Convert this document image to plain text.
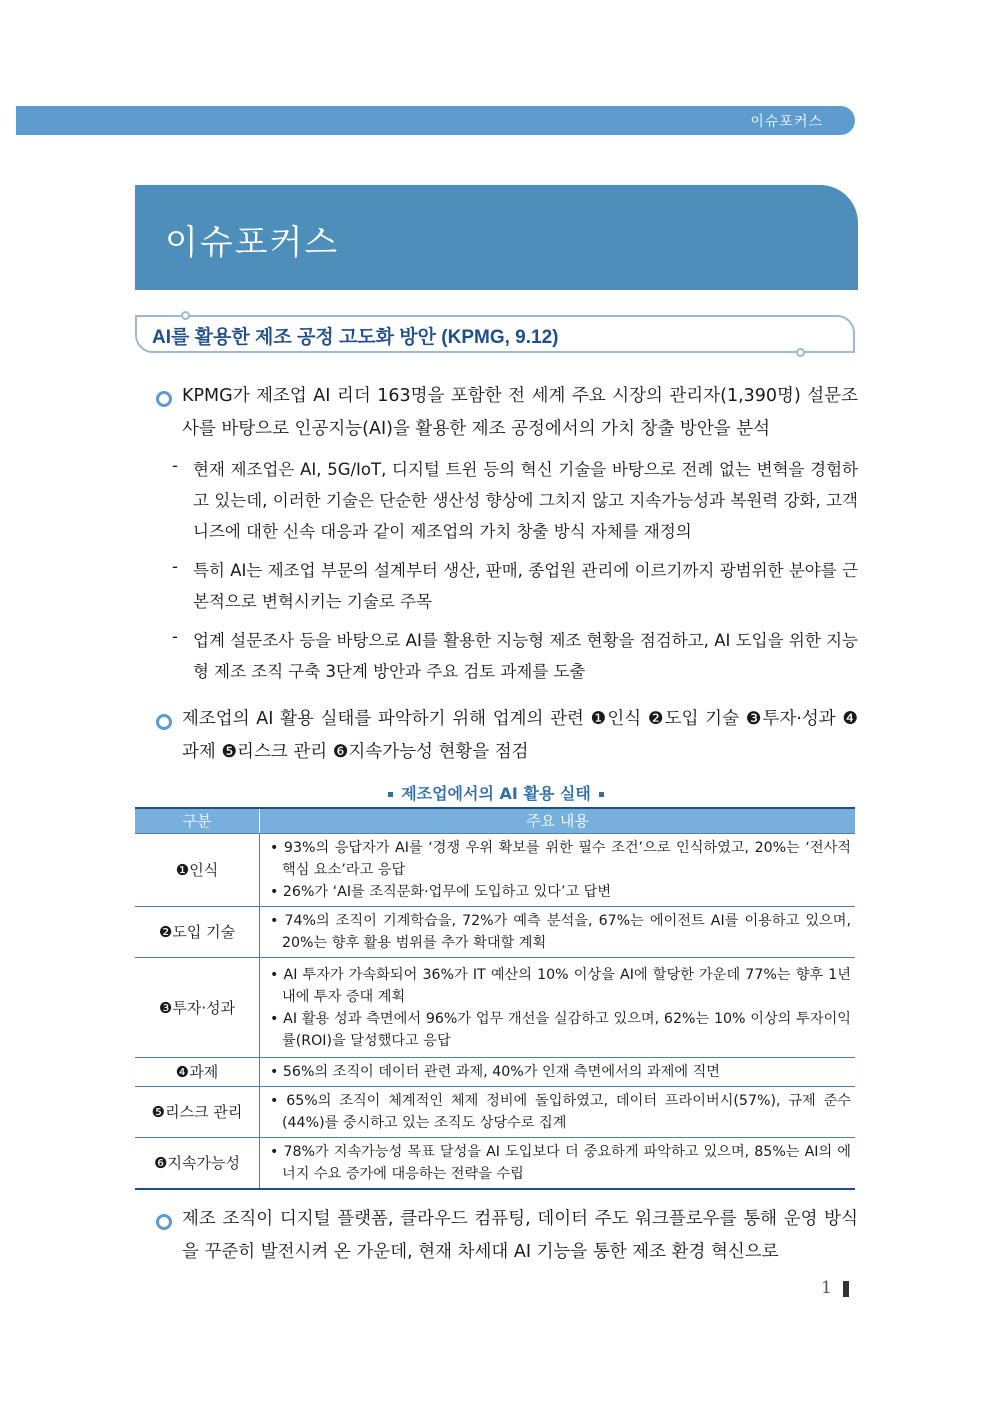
이슈포커스
이슈포커스
AI를 활용한 제조 공정 고도화 방안 (KPMG, 9.12)
KPMG가 제조업 AI 리더 163명을 포함한 전 세계 주요 시장의 관리자(1,390명) 설문조사를 바탕으로 인공지능(AI)을 활용한 제조 공정에서의 가치 창출 방안을 분석
- 현재 제조업은 AI, 5G/IoT, 디지털 트윈 등의 혁신 기술을 바탕으로 전례 없는 변혁을 경험하고 있는데, 이러한 기술은 단순한 생산성 향상에 그치지 않고 지속가능성과 복원력 강화, 고객 니즈에 대한 신속 대응과 같이 제조업의 가치 창출 방식 자체를 재정의
- 특히 AI는 제조업 부문의 설계부터 생산, 판매, 종업원 관리에 이르기까지 광범위한 분야를 근본적으로 변혁시키는 기술로 주목
- 업계 설문조사 등을 바탕으로 AI를 활용한 지능형 제조 현황을 점검하고, AI 도입을 위한 지능형 제조 조직 구축 3단계 방안과 주요 검토 과제를 도출
제조업의 AI 활용 실태를 파악하기 위해 업계의 관련 ❶인식 ❷도입 기술 ❸투자·성과 ❹과제 ❺리스크 관리 ❻지속가능성 현황을 점검
제조업에서의 AI 활용 실태
구분	주요 내용
❶인식	• 93%의 응답자가 AI를 ‘경쟁 우위 확보를 위한 필수 조건’으로 인식하였고, 20%는 ‘전사적 핵심 요소’라고 응답
• 26%가 ‘AI를 조직문화·업무에 도입하고 있다’고 답변

❷도입 기술	• 74%의 조직이 기계학습을, 72%가 예측 분석을, 67%는 에이전트 AI를 이용하고 있으며, 20%는 향후 활용 범위를 추가 확대할 계획

❸투자·성과	• AI 투자가 가속화되어 36%가 IT 예산의 10% 이상을 AI에 할당한 가운데 77%는 향후 1년 내에 투자 증대 계획
• AI 활용 성과 측면에서 96%가 업무 개선을 실감하고 있으며, 62%는 10% 이상의 투자이익률(ROI)을 달성했다고 응답

❹과제	• 56%의 조직이 데이터 관련 과제, 40%가 인재 측면에서의 과제에 직면

❺리스크 관리	• 65%의 조직이 체계적인 체제 정비에 돌입하였고, 데이터 프라이버시(57%), 규제 준수(44%)를 중시하고 있는 조직도 상당수로 집계

❻지속가능성	• 78%가 지속가능성 목표 달성을 AI 도입보다 더 중요하게 파악하고 있으며, 85%는 AI의 에너지 수요 증가에 대응하는 전략을 수립
제조 조직이 디지털 플랫폼, 클라우드 컴퓨팅, 데이터 주도 워크플로우를 통해 운영 방식을 꾸준히 발전시켜 온 가운데, 현재 차세대 AI 기능을 통한 제조 환경 혁신으로
1
